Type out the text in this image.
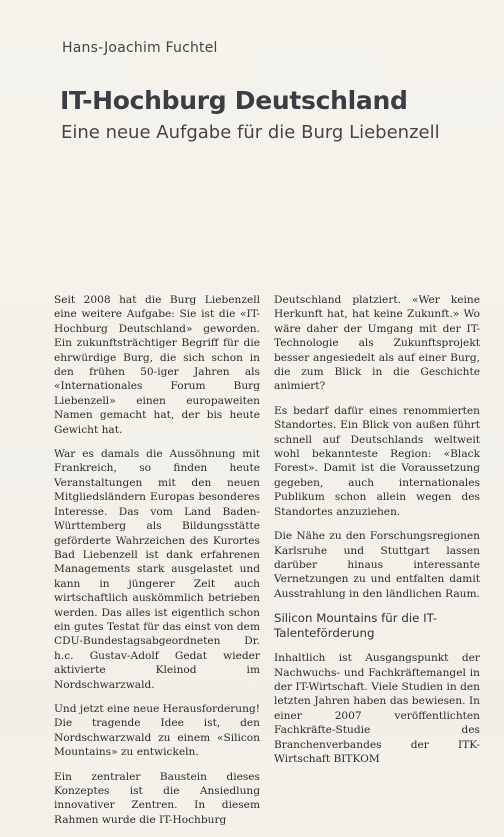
Hans-Joachim Fuchtel
IT-Hochburg Deutschland
Eine neue Aufgabe für die Burg Liebenzell

Seit 2008 hat die Burg Liebenzell eine weitere Aufgabe: Sie ist die «IT-Hochburg Deutschland» geworden. Ein zukunftsträchtiger Begriff für die ehrwürdige Burg, die sich schon in den frühen 50-iger Jahren als «Internationales Forum Burg Liebenzell» einen europaweiten Namen gemacht hat, der bis heute Gewicht hat.

War es damals die Aussöhnung mit Frankreich, so finden heute Veranstaltungen mit den neuen Mitgliedsländern Europas besonderes Interesse. Das vom Land Baden-Württemberg als Bildungsstätte geförderte Wahrzeichen des Kurortes Bad Liebenzell ist dank erfahrenen Managements stark ausgelastet und kann in jüngerer Zeit auch wirtschaftlich auskömmlich betrieben werden. Das alles ist eigentlich schon ein gutes Testat für das einst von dem CDU-Bundestagsabgeordneten Dr. h.c. Gustav-Adolf Gedat wieder aktivierte Kleinod im Nordschwarzwald.

Und jetzt eine neue Herausforderung! Die tragende Idee ist, den Nordschwarzwald zu einem «Silicon Mountains» zu entwickeln.

Ein zentraler Baustein dieses Konzeptes ist die Ansiedlung innovativer Zentren. In diesem Rahmen wurde die IT-Hochburg

Deutschland platziert. «Wer keine Herkunft hat, hat keine Zukunft.» Wo wäre daher der Umgang mit der IT-Technologie als Zukunftsprojekt besser angesiedelt als auf einer Burg, die zum Blick in die Geschichte animiert?

Es bedarf dafür eines renommierten Standortes. Ein Blick von außen führt schnell auf Deutschlands weltweit wohl bekannteste Region: «Black Forest». Damit ist die Voraussetzung gegeben, auch internationales Publikum schon allein wegen des Standortes anzuziehen.

Die Nähe zu den Forschungsregionen Karlsruhe und Stuttgart lassen darüber hinaus interessante Vernetzungen zu und entfalten damit Ausstrahlung in den ländlichen Raum.

Silicon Mountains für die IT-Talenteförderung

Inhaltlich ist Ausgangspunkt der Nachwuchs- und Fachkräftemangel in der IT-Wirtschaft. Viele Studien in den letzten Jahren haben das bewiesen. In einer 2007 veröffentlichten Fachkräfte-Studie des Branchenverbandes der ITK-Wirtschaft BITKOM
